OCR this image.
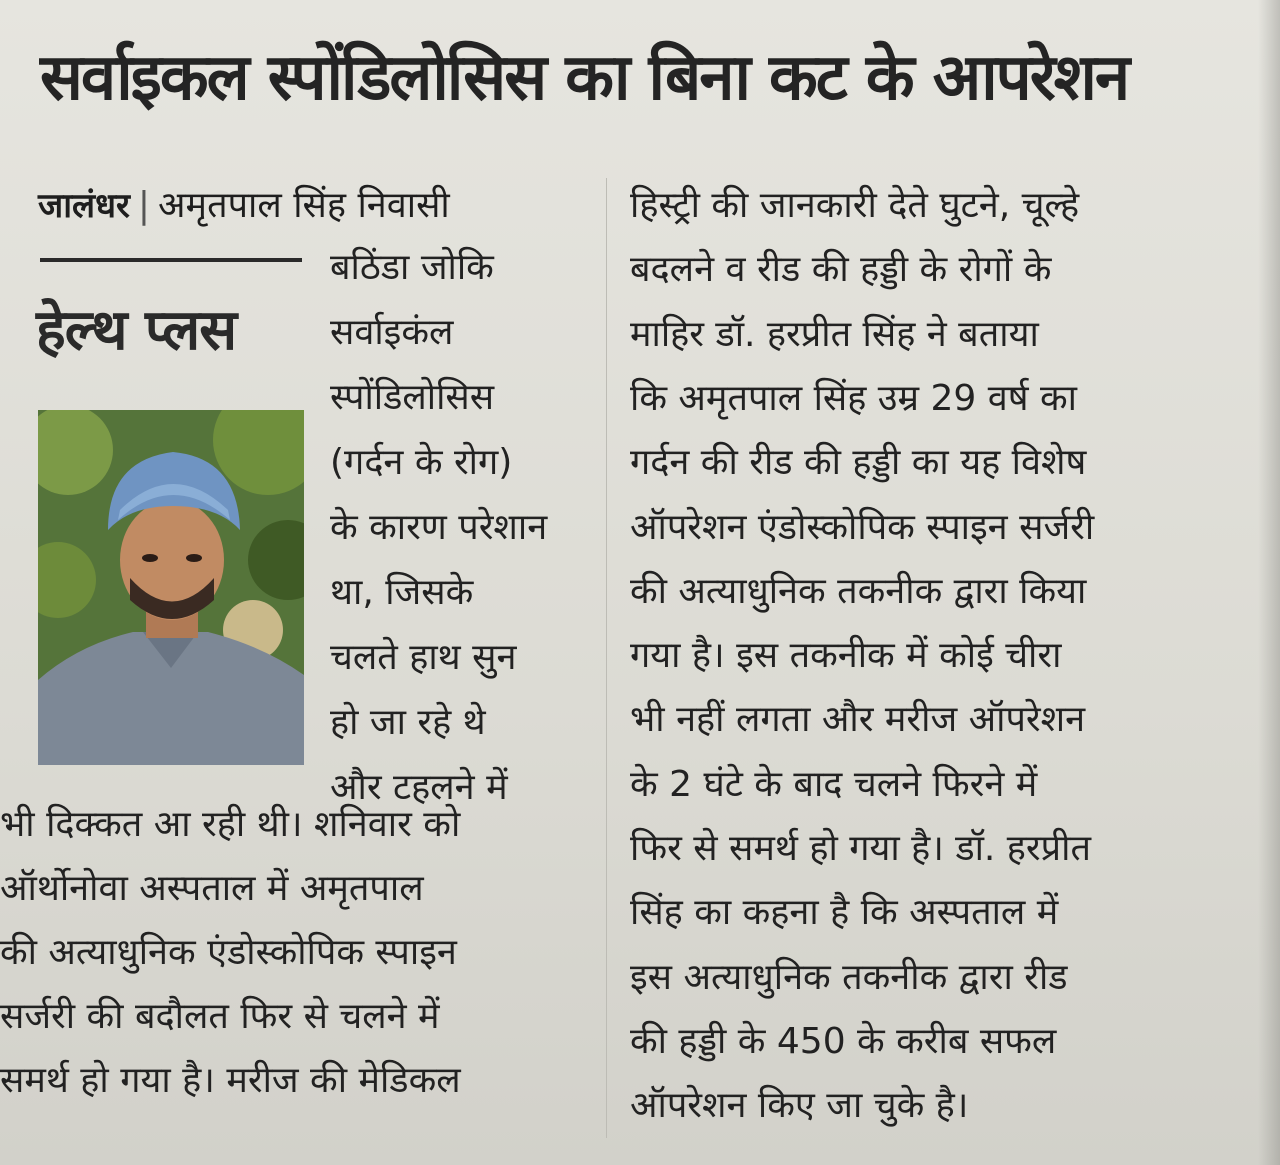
सर्वाइकल स्पोंडिलोसिस का बिना कट के आपरेशन
जालंधर | अमृतपाल सिंह निवासी
हेल्थ प्लस
बठिंडा जोकि
सर्वाइकंल
स्पोंडिलोसिस
(गर्दन के रोग)
के कारण परेशान
था, जिसके
चलते हाथ सुन
हो जा रहे थे
और टहलने में
भी दिक्कत आ रही थी। शनिवार को
ऑर्थोनोवा अस्पताल में अमृतपाल
की अत्याधुनिक एंडोस्कोपिक स्पाइन
सर्जरी की बदौलत फिर से चलने में
समर्थ हो गया है। मरीज की मेडिकल
हिस्ट्री की जानकारी देते घुटने, चूल्हे
बदलने व रीड की हड्डी के रोगों के
माहिर डॉ. हरप्रीत सिंह ने बताया
कि अमृतपाल सिंह उम्र 29 वर्ष का
गर्दन की रीड की हड्डी का यह विशेष
ऑपरेशन एंडोस्कोपिक स्पाइन सर्जरी
की अत्याधुनिक तकनीक द्वारा किया
गया है। इस तकनीक में कोई चीरा
भी नहीं लगता और मरीज ऑपरेशन
के 2 घंटे के बाद चलने फिरने में
फिर से समर्थ हो गया है। डॉ. हरप्रीत
सिंह का कहना है कि अस्पताल में
इस अत्याधुनिक तकनीक द्वारा रीड
की हड्डी के 450 के करीब सफल
ऑपरेशन किए जा चुके है।
